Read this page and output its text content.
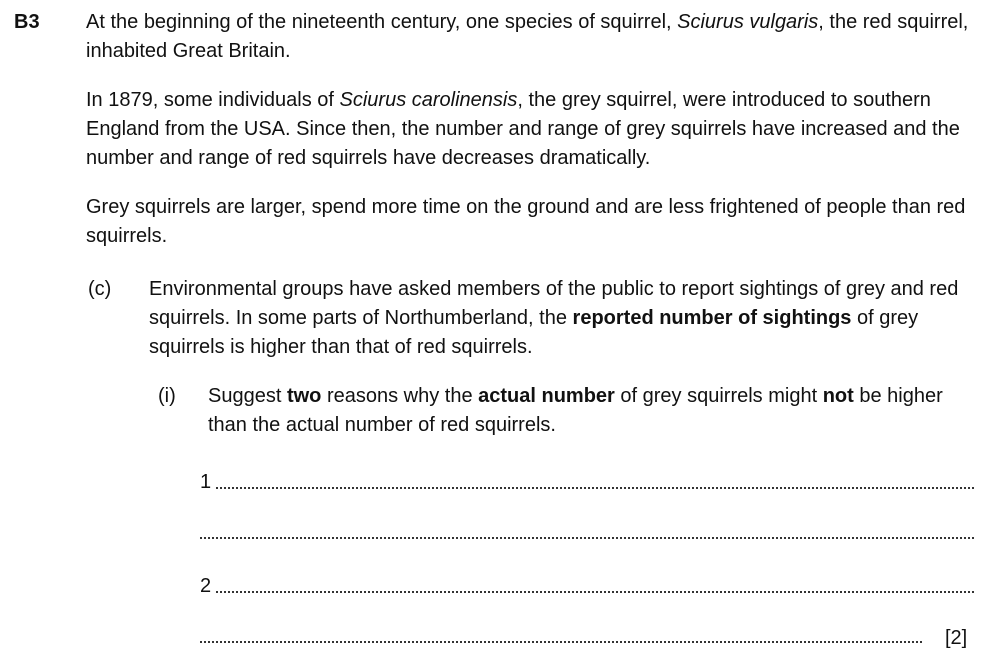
B3 At the beginning of the nineteenth century, one species of squirrel, Sciurus vulgaris, the red squirrel, inhabited Great Britain.

In 1879, some individuals of Sciurus carolinensis, the grey squirrel, were introduced to southern England from the USA. Since then, the number and range of grey squirrels have increased and the number and range of red squirrels have decreases dramatically.

Grey squirrels are larger, spend more time on the ground and are less frightened of people than red squirrels.

(c) Environmental groups have asked members of the public to report sightings of grey and red squirrels. In some parts of Northumberland, the reported number of sightings of grey squirrels is higher than that of red squirrels.

(i) Suggest two reasons why the actual number of grey squirrels might not be higher than the actual number of red squirrels.

1
2
[2]
